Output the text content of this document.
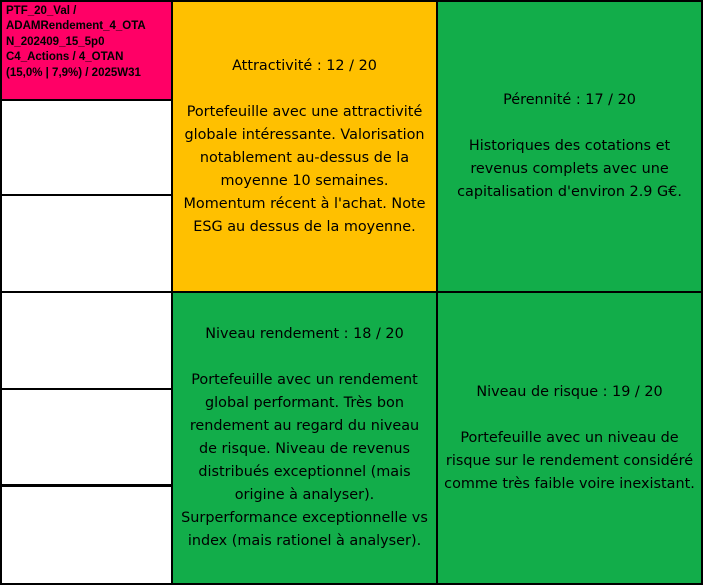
PTF_20_Val /
ADAMRendement_4_OTA
N_202409_15_5p0
C4_Actions / 4_OTAN
(15,0% | 7,9%) / 2025W31	Attractivité : 12 / 20
Portefeuille avec une attractivité globale intéressante. Valorisation notablement au-dessus de la moyenne 10 semaines. Momentum récent à l'achat. Note ESG au dessus de la moyenne.
Pérennité : 17 / 20
Historiques des cotations et revenus complets avec une capitalisation d'environ 2.9 G€.
Niveau rendement : 18 / 20
Portefeuille avec un rendement global performant. Très bon rendement au regard du niveau de risque. Niveau de revenus distribués exceptionnel (mais origine à analyser). Surperformance exceptionnelle vs index (mais rationel à analyser).
Niveau de risque : 19 / 20
Portefeuille avec un niveau de risque sur le rendement considéré comme très faible voire inexistant.
